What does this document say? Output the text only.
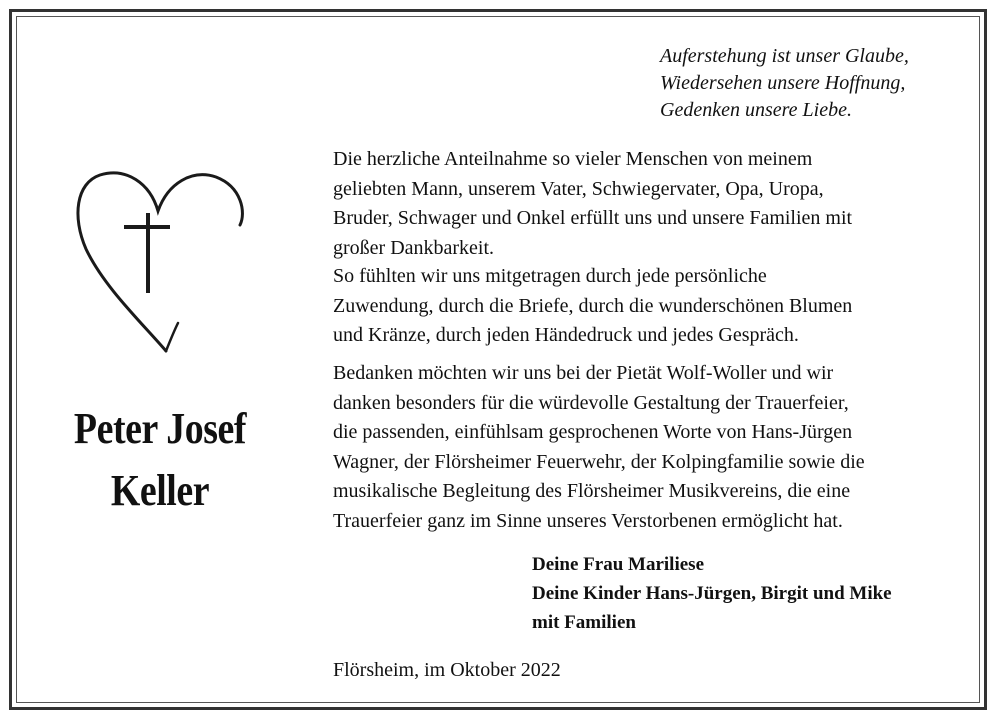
Auferstehung ist unser Glaube,
Wiedersehen unsere Hoffnung,
Gedenken unsere Liebe.
Peter Josef
Keller
Die herzliche Anteilnahme so vieler Menschen von meinem
geliebten Mann, unserem Vater, Schwiegervater, Opa, Uropa,
Bruder, Schwager und Onkel erfüllt uns und unsere Familien mit
großer Dankbarkeit.
So fühlten wir uns mitgetragen durch jede persönliche
Zuwendung, durch die Briefe, durch die wunderschönen Blumen
und Kränze, durch jeden Händedruck und jedes Gespräch.
Bedanken möchten wir uns bei der Pietät Wolf-Woller und wir
danken besonders für die würdevolle Gestaltung der Trauerfeier,
die passenden, einfühlsam gesprochenen Worte von Hans-Jürgen
Wagner, der Flörsheimer Feuerwehr, der Kolpingfamilie sowie die
musikalische Begleitung des Flörsheimer Musikvereins, die eine
Trauerfeier ganz im Sinne unseres Verstorbenen ermöglicht hat.
Deine Frau Mariliese
Deine Kinder Hans-Jürgen, Birgit und Mike
mit Familien
Flörsheim, im Oktober 2022
